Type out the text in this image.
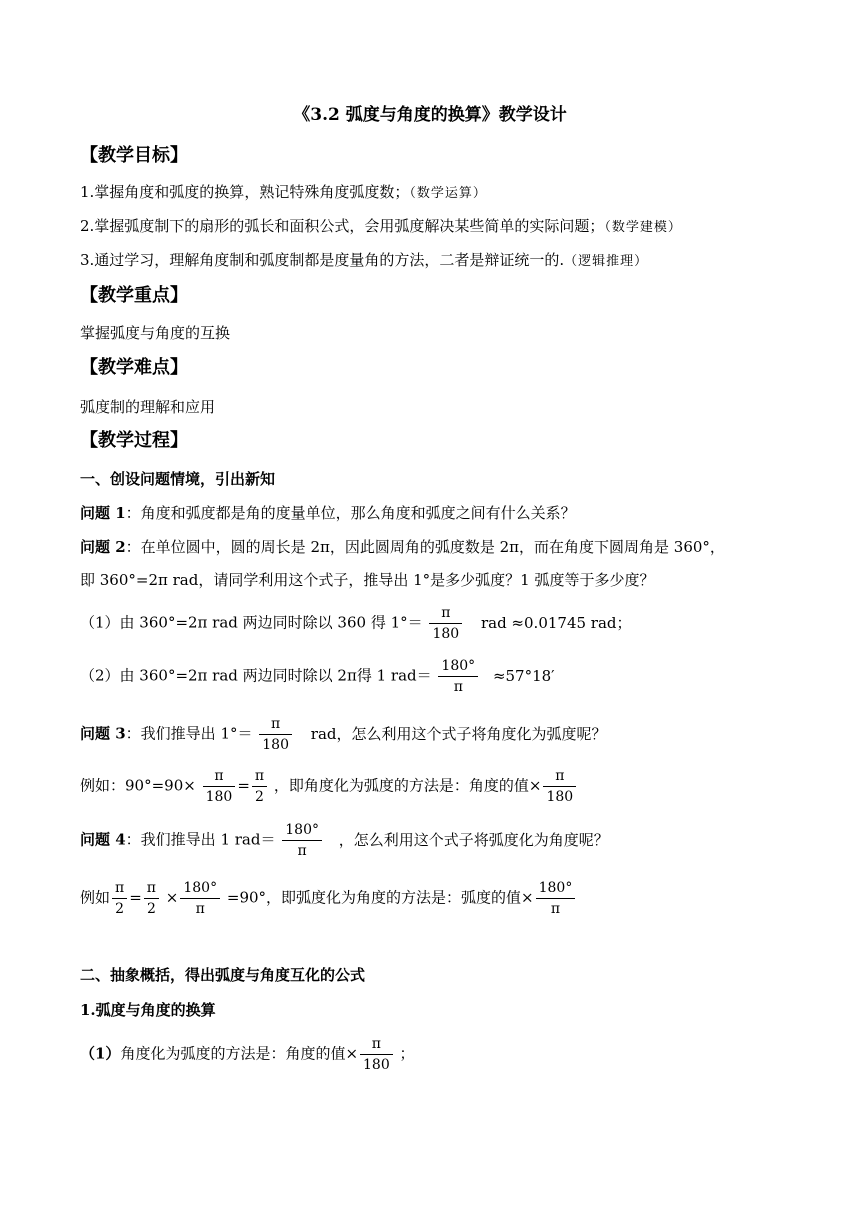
《3.2 弧度与角度的换算》教学设计
【教学目标】
1.掌握角度和弧度的换算，熟记特殊角度弧度数；（数学运算）
2.掌握弧度制下的扇形的弧长和面积公式，会用弧度解决某些简单的实际问题；（数学建模）
3.通过学习，理解角度制和弧度制都是度量角的方法，二者是辩证统一的.（逻辑推理）
【教学重点】
掌握弧度与角度的互换
【教学难点】
弧度制的理解和应用
【教学过程】
一、创设问题情境，引出新知
问题 1：角度和弧度都是角的度量单位，那么角度和弧度之间有什么关系？
问题 2：在单位圆中，圆的周长是 2π，因此圆周角的弧度数是 2π，而在角度下圆周角是 360°，
即 360°=2π rad，请同学利用这个式子，推导出 1°是多少弧度？1 弧度等于多少度？
（1）由 360°=2π rad 两边同时除以 360 得 $1^\circ= \frac{\pi}{180}$ rad ≈0.01745 rad；
（2）由 360°=2π rad 两边同时除以 2π得 1 $rad= \frac{180^\circ}{\pi} \approx 57^\circ 18'$
问题 3：我们推导出 $1^\circ= \frac{\pi}{180}$ rad，怎么利用这个式子将角度化为弧度呢？
例如：$90^\circ=90\times \frac{\pi}{180} = \frac{\pi}{2}$ ，即角度化为弧度的方法是：角度的值× $\frac{\pi}{180}$
问题 4：我们推导出 1 $rad= \frac{180^\circ}{\pi}$ ，怎么利用这个式子将弧度化为角度呢？
例如 $\frac{\pi}{2} = \frac{\pi}{2} \times \frac{180^\circ}{\pi} =90^\circ$，即弧度化为角度的方法是：弧度的值× $\frac{180^\circ}{\pi}$
二、抽象概括，得出弧度与角度互化的公式
1.弧度与角度的换算
（1）角度化为弧度的方法是：角度的值× $\frac{\pi}{180}$ ；
